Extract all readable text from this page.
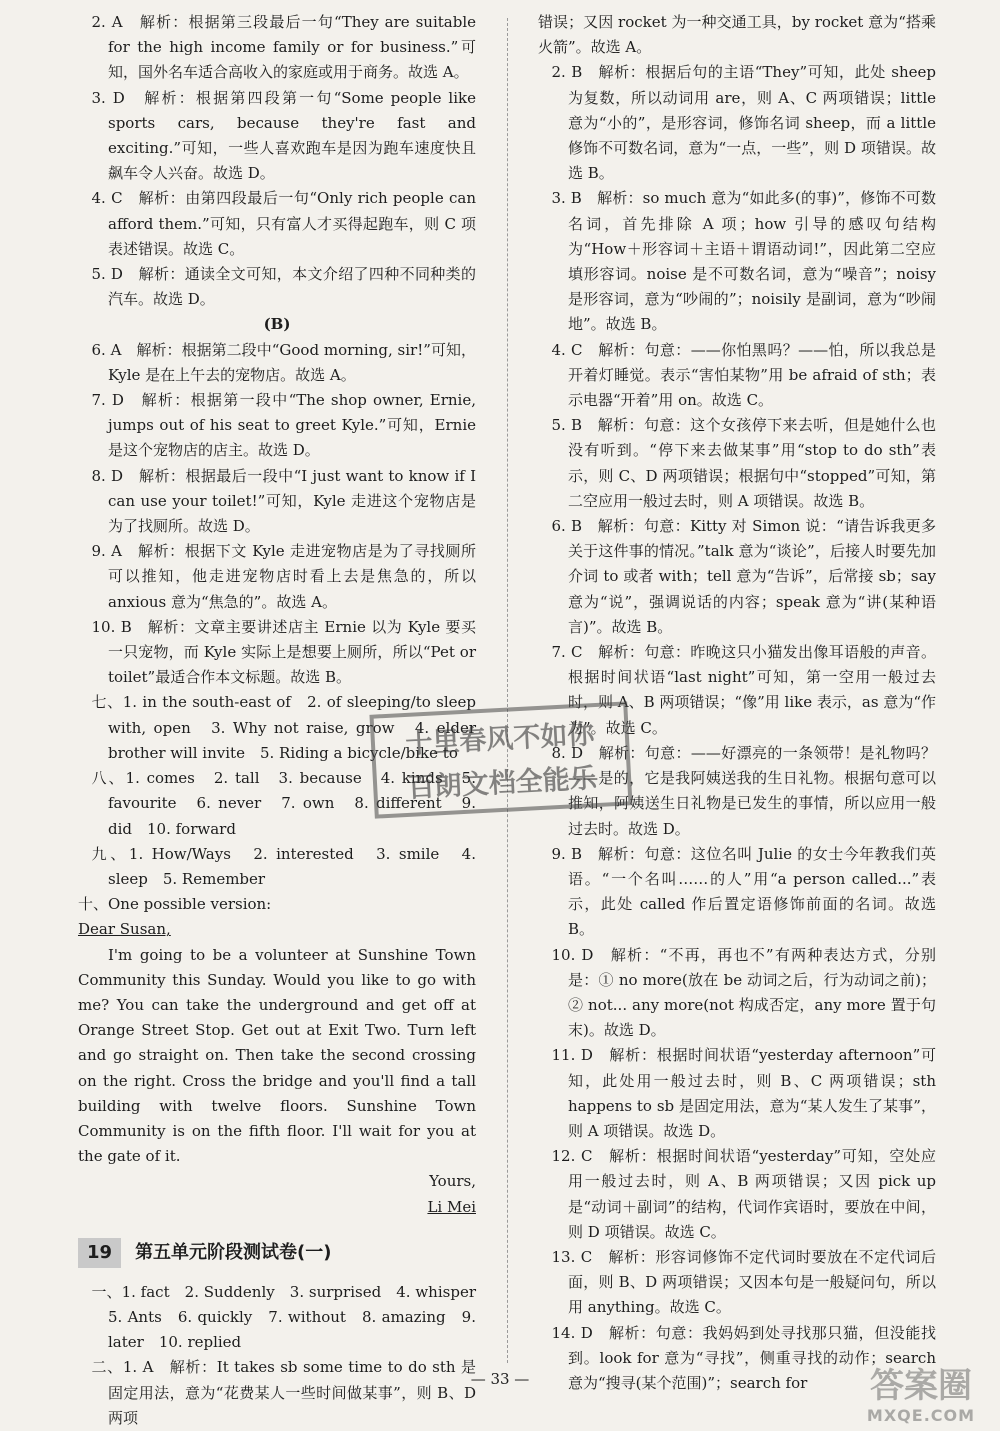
2. A　解析：根据第三段最后一句“They are suitable for the high income family or for business.”可知，国外名车适合高收入的家庭或用于商务。故选 A。

3. D　解析：根据第四段第一句“Some people like sports cars, because they're fast and exciting.”可知，一些人喜欢跑车是因为跑车速度快且飙车令人兴奋。故选 D。

4. C　解析：由第四段最后一句“Only rich people can afford them.”可知，只有富人才买得起跑车，则 C 项表述错误。故选 C。

5. D　解析：通读全文可知，本文介绍了四种不同种类的汽车。故选 D。

(B)

6. A　解析：根据第二段中“Good morning, sir!”可知，Kyle 是在上午去的宠物店。故选 A。

7. D　解析：根据第一段中“The shop owner, Ernie, jumps out of his seat to greet Kyle.”可知，Ernie 是这个宠物店的店主。故选 D。

8. D　解析：根据最后一段中“I just want to know if I can use your toilet!”可知，Kyle 走进这个宠物店是为了找厕所。故选 D。

9. A　解析：根据下文 Kyle 走进宠物店是为了寻找厕所可以推知，他走进宠物店时看上去是焦急的，所以 anxious 意为“焦急的”。故选 A。

10. B　解析：文章主要讲述店主 Ernie 以为 Kyle 要买一只宠物，而 Kyle 实际上是想要上厕所，所以“Pet or toilet”最适合作本文标题。故选 B。

七、1. in the south-east of　2. of sleeping/to sleep with, open　3. Why not raise, grow　4. elder brother will invite　5. Riding a bicycle/bike to

八、1. comes　2. tall　3. because　4. kinds　5. favourite　6. never　7. own　8. different　9. did　10. forward

九、1. How/Ways　2. interested　3. smile　4. sleep　5. Remember

十、One possible version:

Dear Susan,

I'm going to be a volunteer at Sunshine Town Community this Sunday. Would you like to go with me? You can take the underground and get off at Orange Street Stop. Get out at Exit Two. Turn left and go straight on. Then take the second crossing on the right. Cross the bridge and you'll find a tall building with twelve floors. Sunshine Town Community is on the fifth floor. I'll wait for you at the gate of it.

Yours,

Li Mei

19 第五单元阶段测试卷(一)

一、1. fact　2. Suddenly　3. surprised　4. whisper　5. Ants　6. quickly　7. without　8. amazing　9. later　10. replied

二、1. A　解析：It takes sb some time to do sth 是固定用法，意为“花费某人一些时间做某事”，则 B、D 两项

错误；又因 rocket 为一种交通工具，by rocket 意为“搭乘火箭”。故选 A。

2. B　解析：根据后句的主语“They”可知，此处 sheep 为复数，所以动词用 are，则 A、C 两项错误；little 意为“小的”，是形容词，修饰名词 sheep，而 a little 修饰不可数名词，意为“一点，一些”，则 D 项错误。故选 B。

3. B　解析：so much 意为“如此多(的事)”，修饰不可数名词，首先排除 A 项；how 引导的感叹句结构为“How＋形容词＋主语＋谓语动词!”，因此第二空应填形容词。noise 是不可数名词，意为“噪音”；noisy 是形容词，意为“吵闹的”；noisily 是副词，意为“吵闹地”。故选 B。

4. C　解析：句意：——你怕黑吗？——怕，所以我总是开着灯睡觉。表示“害怕某物”用 be afraid of sth；表示电器“开着”用 on。故选 C。

5. B　解析：句意：这个女孩停下来去听，但是她什么也没有听到。“停下来去做某事”用“stop to do sth”表示，则 C、D 两项错误；根据句中“stopped”可知，第二空应用一般过去时，则 A 项错误。故选 B。

6. B　解析：句意：Kitty 对 Simon 说：“请告诉我更多关于这件事的情况。”talk 意为“谈论”，后接人时要先加介词 to 或者 with；tell 意为“告诉”，后常接 sb；say 意为“说”，强调说话的内容；speak 意为“讲(某种语言)”。故选 B。

7. C　解析：句意：昨晚这只小猫发出像耳语般的声音。根据时间状语“last night”可知，第一空用一般过去时，则 A、B 两项错误；“像”用 like 表示，as 意为“作为”。故选 C。

8. D　解析：句意：——好漂亮的一条领带！是礼物吗？——是的，它是我阿姨送我的生日礼物。根据句意可以推知，阿姨送生日礼物是已发生的事情，所以应用一般过去时。故选 D。

9. B　解析：句意：这位名叫 Julie 的女士今年教我们英语。“一个名叫……的人”用“a person called...”表示，此处 called 作后置定语修饰前面的名词。故选 B。

10. D　解析：“不再，再也不”有两种表达方式，分别是：① no more(放在 be 动词之后，行为动词之前)；② not... any more(not 构成否定，any more 置于句末)。故选 D。

11. D　解析：根据时间状语“yesterday afternoon”可知，此处用一般过去时，则 B、C 两项错误；sth happens to sb 是固定用法，意为“某人发生了某事”，则 A 项错误。故选 D。

12. C　解析：根据时间状语“yesterday”可知，空处应用一般过去时，则 A、B 两项错误；又因 pick up 是“动词＋副词”的结构，代词作宾语时，要放在中间，则 D 项错误。故选 C。

13. C　解析：形容词修饰不定代词时要放在不定代词后面，则 B、D 两项错误；又因本句是一般疑问句，所以用 anything。故选 C。

14. D　解析：句意：我妈妈到处寻找那只猫，但没能找到。look for 意为“寻找”，侧重寻找的动作；search 意为“搜寻(某个范围)”；search for

十里春风不如你
百朗文档全能乐
— 33 —	答案圈
MXQE.COM
